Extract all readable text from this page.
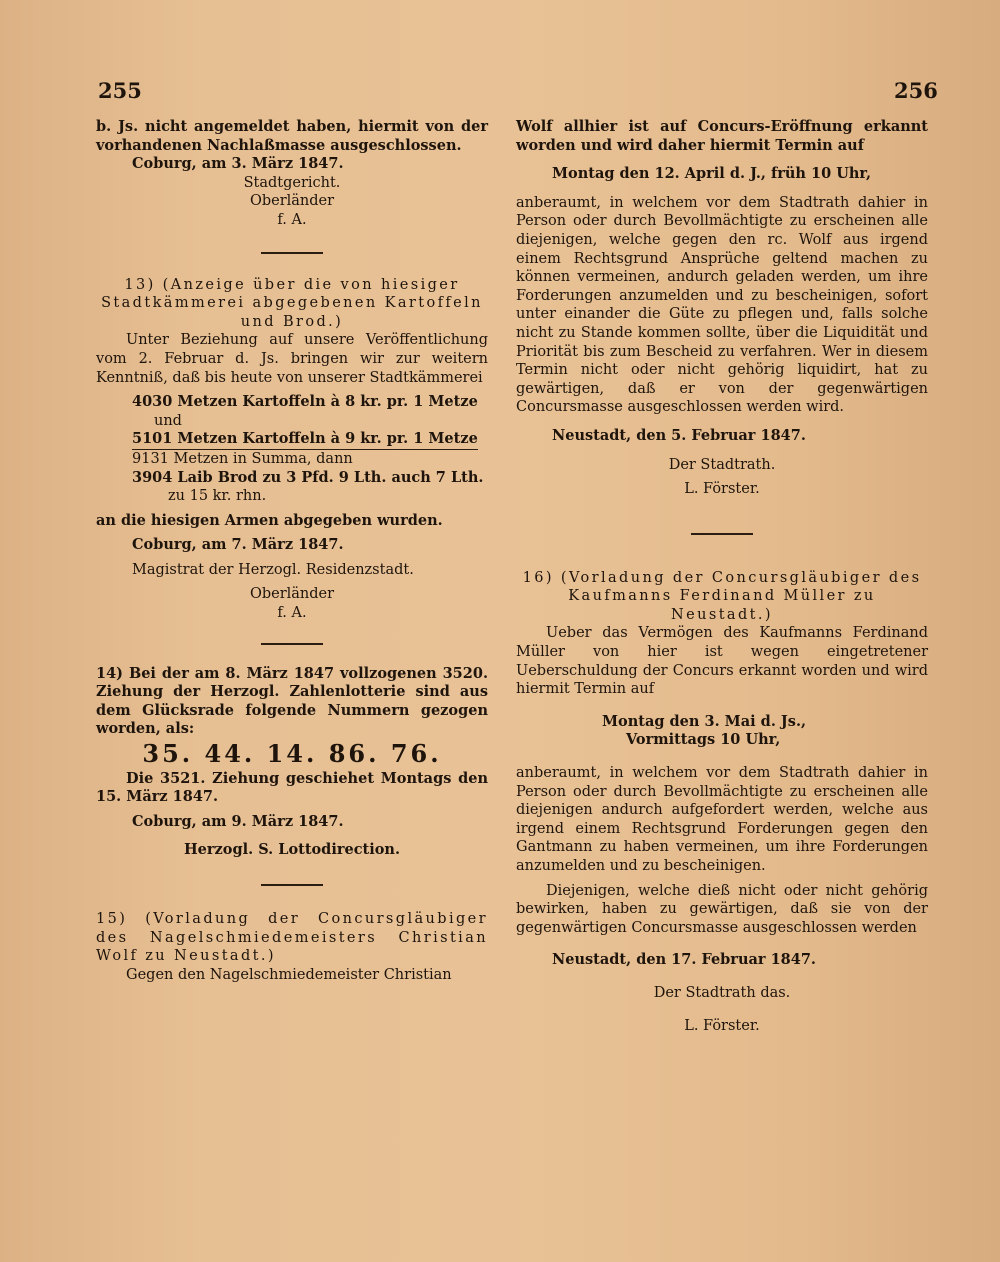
255	256

b. Js. nicht angemeldet haben, hiermit von der vorhandenen Nachlaßmasse ausgeschlossen.

Coburg, am 3. März 1847.

Stadtgericht.

Oberländer

f. A.

13) (Anzeige über die von hiesiger Stadtkämmerei abgegebenen Kartoffeln und Brod.)

Unter Beziehung auf unsere Veröffentlichung vom 2. Februar d. Js. bringen wir zur weitern Kenntniß, daß bis heute von unserer Stadtkämmerei

4030 Metzen Kartoffeln à 8 kr. pr. 1 Metze
und
5101 Metzen Kartoffeln à 9 kr. pr. 1 Metze
9131 Metzen in Summa, dann
3904 Laib Brod zu 3 Pfd. 9 Lth. auch 7 Lth.
zu 15 kr. rhn.

an die hiesigen Armen abgegeben wurden.

Coburg, am 7. März 1847.

Magistrat der Herzogl. Residenzstadt.

Oberländer

f. A.

14) Bei der am 8. März 1847 vollzogenen 3520. Ziehung der Herzogl. Zahlenlotterie sind aus dem Glücksrade folgende Nummern gezogen worden, als:

35. 44. 14. 86. 76.

Die 3521. Ziehung geschiehet Montags den 15. März 1847.

Coburg, am 9. März 1847.

Herzogl. S. Lottodirection.

15) (Vorladung der Concursgläubiger des Nagelschmiedemeisters Christian Wolf zu Neustadt.)

Gegen den Nagelschmiedemeister Christian

Wolf allhier ist auf Concurs-Eröffnung erkannt worden und wird daher hiermit Termin auf

Montag den 12. April d. J., früh 10 Uhr,

anberaumt, in welchem vor dem Stadtrath dahier in Person oder durch Bevollmächtigte zu erscheinen alle diejenigen, welche gegen den rc. Wolf aus irgend einem Rechtsgrund Ansprüche geltend machen zu können vermeinen, andurch geladen werden, um ihre Forderungen anzumelden und zu bescheinigen, sofort unter einander die Güte zu pflegen und, falls solche nicht zu Stande kommen sollte, über die Liquidität und Priorität bis zum Bescheid zu verfahren. Wer in diesem Termin nicht oder nicht gehörig liquidirt, hat zu gewärtigen, daß er von der gegenwärtigen Concursmasse ausgeschlossen werden wird.

Neustadt, den 5. Februar 1847.

Der Stadtrath.

L. Förster.

16) (Vorladung der Concursgläubiger des Kaufmanns Ferdinand Müller zu Neustadt.)

Ueber das Vermögen des Kaufmanns Ferdinand Müller von hier ist wegen eingetretener Ueberschuldung der Concurs erkannt worden und wird hiermit Termin auf

Montag den 3. Mai d. Js.,

Vormittags 10 Uhr,

anberaumt, in welchem vor dem Stadtrath dahier in Person oder durch Bevollmächtigte zu erscheinen alle diejenigen andurch aufgefordert werden, welche aus irgend einem Rechtsgrund Forderungen gegen den Gantmann zu haben vermeinen, um ihre Forderungen anzumelden und zu bescheinigen.

Diejenigen, welche dieß nicht oder nicht gehörig bewirken, haben zu gewärtigen, daß sie von der gegenwärtigen Concursmasse ausgeschlossen werden

Neustadt, den 17. Februar 1847.

Der Stadtrath das.

L. Förster.
